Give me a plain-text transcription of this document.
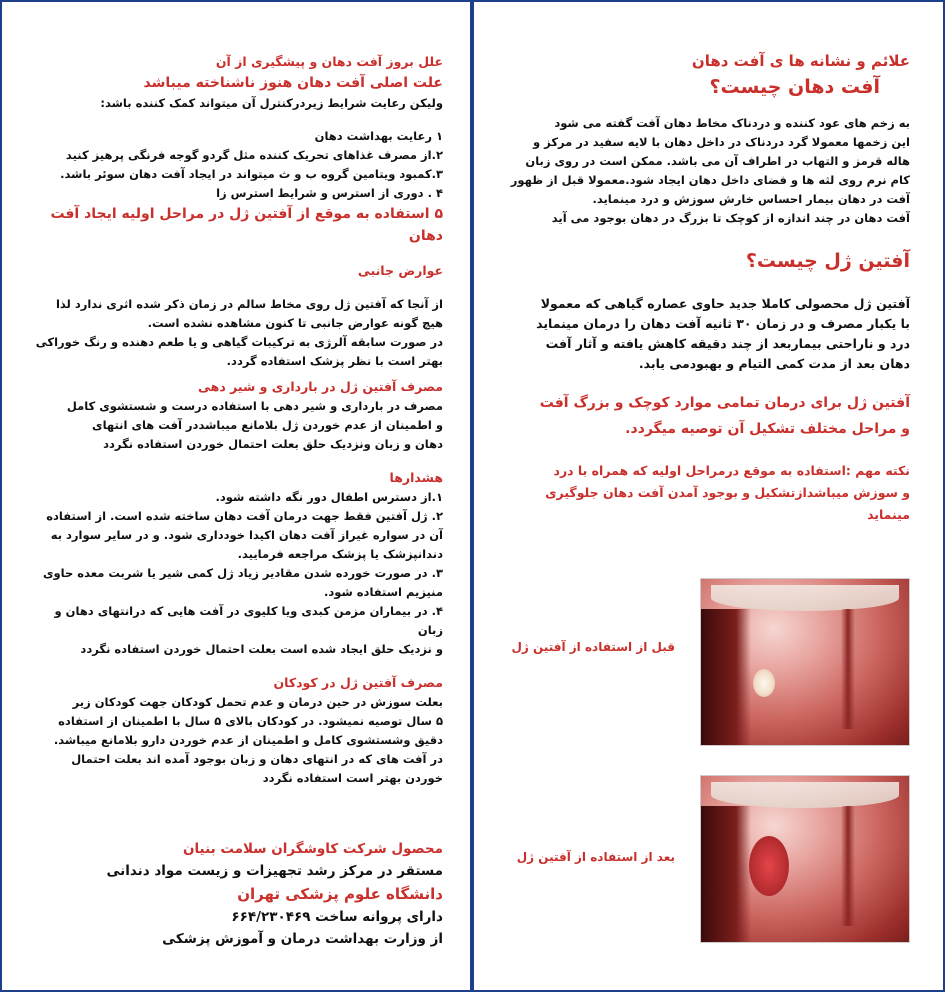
علل بروز آفت دهان و پیشگیری از آن

علت اصلی آفت دهان هنوز ناشناخته میباشد

ولیکن رعایت شرایط زیردرکنترل آن میتواند کمک کننده باشد:

۱ رعایت بهداشت دهان

۲.از مصرف غذاهای تحریک کننده مثل گردو گوجه فرنگی پرهیز کنید

۳.کمبود ویتامین گروه ب و ث میتواند در ایجاد آفت دهان سوئر باشد.

۴ . دوری از استرس و شرایط استرس زا

۵ استفاده به موقع از آفتین ژل در مراحل اولیه ایجاد آفت دهان

عوارض جانبی

از آنجا که آفتین ژل روی مخاط سالم در زمان ذکر شده اثری ندارد لذا

هیچ گونه عوارض جانبی تا کنون مشاهده نشده است.

در صورت سابقه آلرژی به ترکیبات گیاهی و یا طعم دهنده و رنگ خوراکی

بهتر است با نظر پزشک استفاده گردد.

مصرف آفتین ژل در بارداری و شیر دهی

مصرف در بارداری و شیر دهی با استفاده درست و شستشوی کامل

و اطمینان از عدم خوردن ژل بلامانع میباشددر آفت های انتهای

دهان و زبان ونزدیک حلق بعلت احتمال خوردن استفاده نگردد

هشدارها

۱.از دسترس اطفال دور نگه داشته شود.

۲. ژل آفتین فقط جهت درمان آفت دهان ساخته شده است. از استفاده

آن در سواره غیراز آفت دهان اکیدا خودداری شود. و در سایر سوارد به

دندانپزشک یا پزشک مراجعه فرمایید.

۳. در صورت خورده شدن مقادیر زیاد ژل کمی شیر یا شربت معده حاوی

منیزیم استفاده شود.

۴. در بیماران مزمن کبدی ویا کلیوی در آفت هایی که درانتهای دهان و زبان

و نزدیک حلق ایجاد شده است بعلت احتمال خوردن استفاده نگردد

مصرف آفتین ژل در کودکان

بعلت سوزش در حین درمان و عدم تحمل کودکان جهت کودکان زیر

۵ سال توصیه نمیشود. در کودکان بالای ۵ سال با اطمینان از استفاده

دقیق وشستشوی کامل و اطمینان از عدم خوردن دارو بلامانع میباشد.

در آفت های که در انتهای دهان و زبان بوجود آمده اند بعلت احتمال

خوردن بهتر است استفاده نگردد

محصول شرکت کاوشگران سلامت بنیان

مستقر در مرکز رشد تجهیزات و زیست مواد دندانی

دانشگاه علوم پزشکی تهران

دارای پروانه ساخت ۶۶۴/۲۳۰۴۶۹

از وزارت بهداشت درمان و آموزش پزشکی

علائم و نشانه ها ی آفت دهان

آفت دهان چیست؟

به زخم های عود کننده و دردناک مخاط دهان آفت گفته می شود

این زخمها معمولا گرد دردناک در داخل دهان با لایه سفید در مرکز و

هاله قرمز و التهاب در اطراف آن می باشد. ممکن است در روی زبان

کام نرم روی لثه ها و فضای داخل دهان ایجاد شود.معمولا قبل از ظهور

آفت در دهان بیمار احساس خارش سوزش و درد مینماید.

آفت دهان در چند اندازه از کوچک تا بزرگ در دهان بوجود می آید

آفتین ژل چیست؟

آفتین ژل محصولی کاملا جدید حاوی عصاره گیاهی که معمولا

با یکبار مصرف و در زمان ۳۰ ثانیه آفت دهان را درمان مینماید

درد و ناراحتی بیماربعد از چند دقیقه کاهش یافته و آثار آفت

دهان بعد از مدت کمی التیام و بهبودمی یابد.

آفتین ژل برای درمان تمامی موارد کوچک و بزرگ آفت

و مراحل مختلف تشکیل آن توصیه میگردد.

نکته مهم :استفاده به موقع درمراحل اولیه که همراه با درد

و سوزش میباشدازتشکیل و بوجود آمدن آفت دهان جلوگیری

مینماید

قبل از استفاده از آفتین ژل
بعد از استفاده از آفتین ژل
